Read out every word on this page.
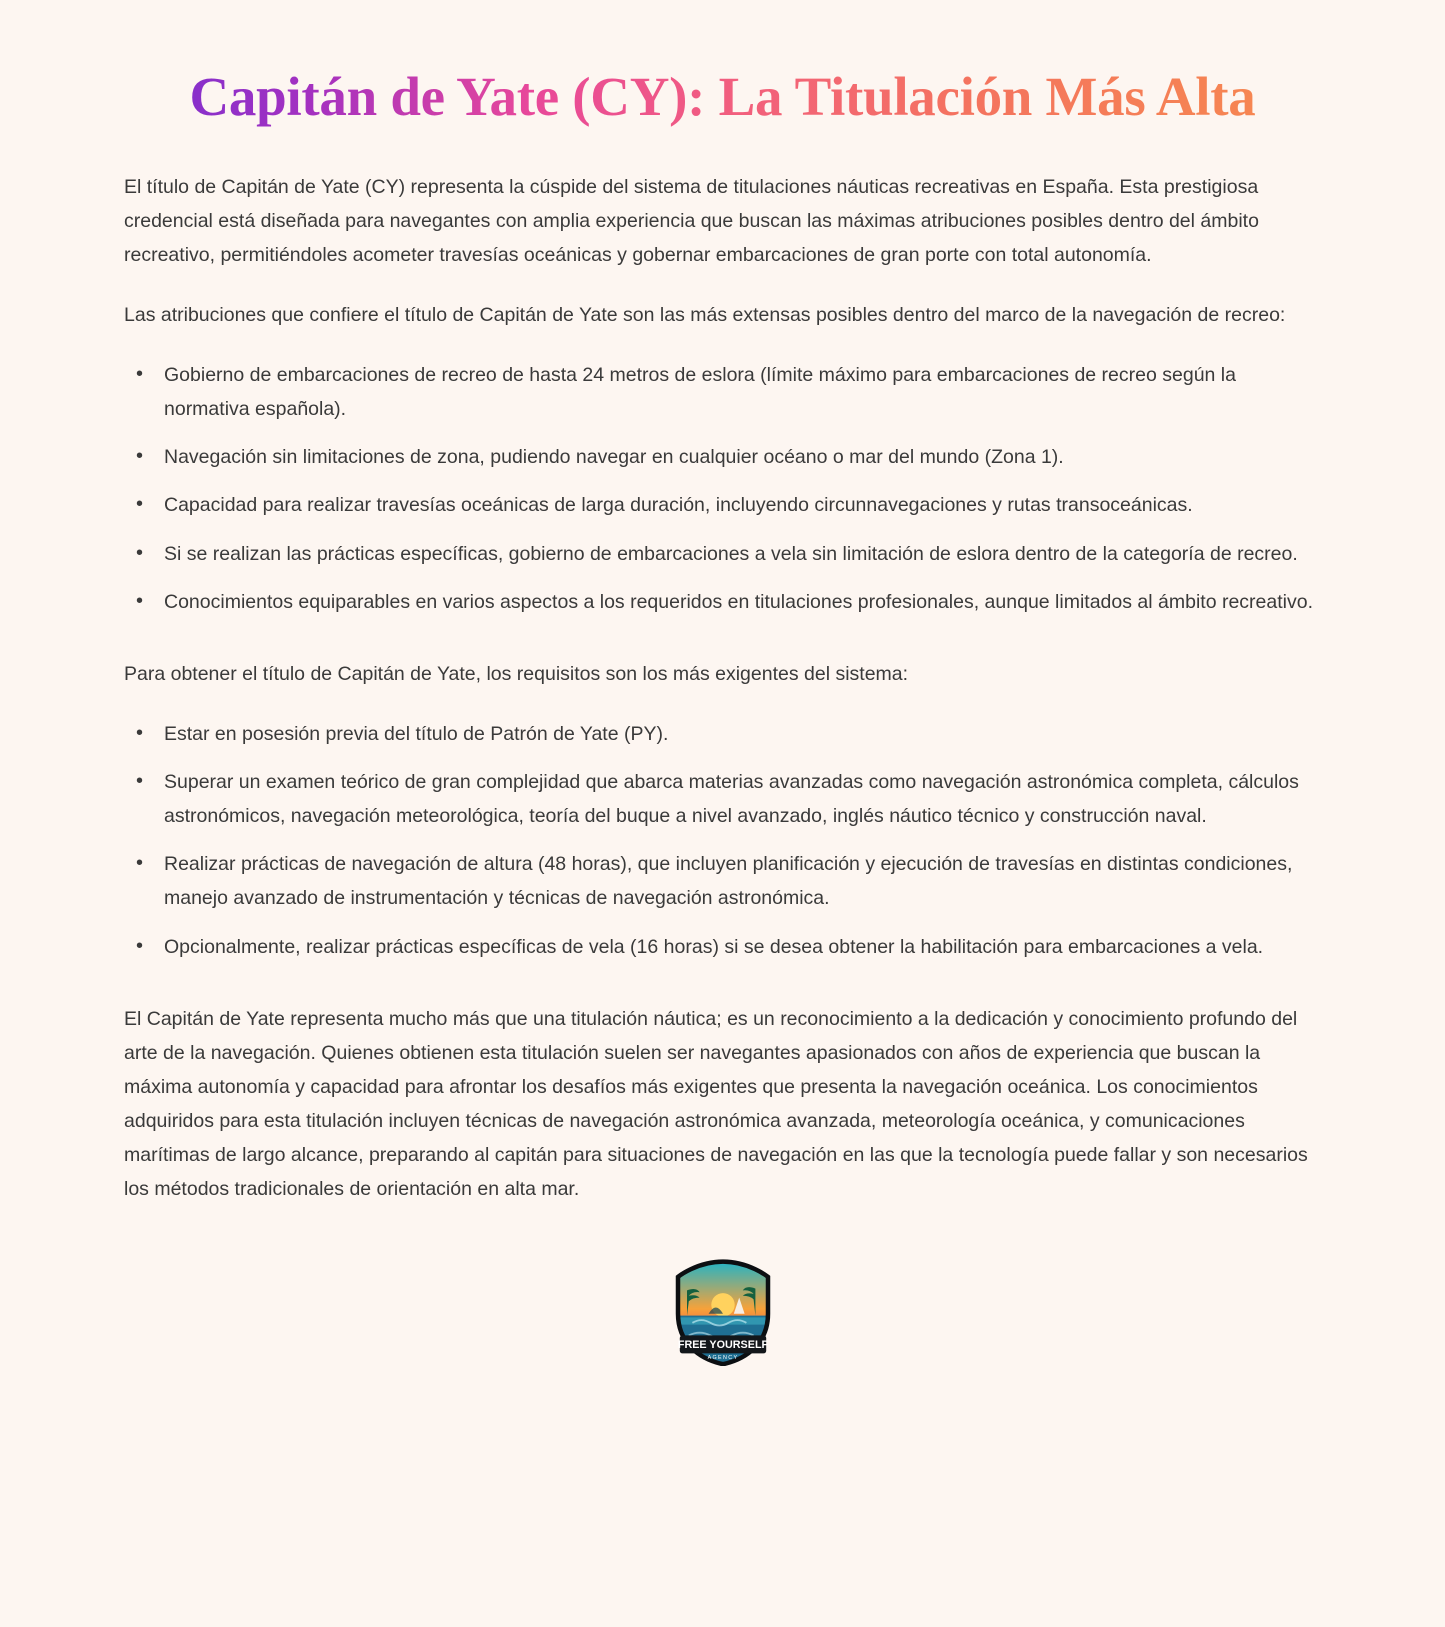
Capitán de Yate (CY): La Titulación Más Alta

El título de Capitán de Yate (CY) representa la cúspide del sistema de titulaciones náuticas recreativas en España. Esta prestigiosa credencial está diseñada para navegantes con amplia experiencia que buscan las máximas atribuciones posibles dentro del ámbito recreativo, permitiéndoles acometer travesías oceánicas y gobernar embarcaciones de gran porte con total autonomía.

Las atribuciones que confiere el título de Capitán de Yate son las más extensas posibles dentro del marco de la navegación de recreo:

• Gobierno de embarcaciones de recreo de hasta 24 metros de eslora (límite máximo para embarcaciones de recreo según la normativa española).
• Navegación sin limitaciones de zona, pudiendo navegar en cualquier océano o mar del mundo (Zona 1).
• Capacidad para realizar travesías oceánicas de larga duración, incluyendo circunnavegaciones y rutas transoceánicas.
• Si se realizan las prácticas específicas, gobierno de embarcaciones a vela sin limitación de eslora dentro de la categoría de recreo.
• Conocimientos equiparables en varios aspectos a los requeridos en titulaciones profesionales, aunque limitados al ámbito recreativo.

Para obtener el título de Capitán de Yate, los requisitos son los más exigentes del sistema:

• Estar en posesión previa del título de Patrón de Yate (PY).
• Superar un examen teórico de gran complejidad que abarca materias avanzadas como navegación astronómica completa, cálculos astronómicos, navegación meteorológica, teoría del buque a nivel avanzado, inglés náutico técnico y construcción naval.
• Realizar prácticas de navegación de altura (48 horas), que incluyen planificación y ejecución de travesías en distintas condiciones, manejo avanzado de instrumentación y técnicas de navegación astronómica.
• Opcionalmente, realizar prácticas específicas de vela (16 horas) si se desea obtener la habilitación para embarcaciones a vela.

El Capitán de Yate representa mucho más que una titulación náutica; es un reconocimiento a la dedicación y conocimiento profundo del arte de la navegación. Quienes obtienen esta titulación suelen ser navegantes apasionados con años de experiencia que buscan la máxima autonomía y capacidad para afrontar los desafíos más exigentes que presenta la navegación oceánica. Los conocimientos adquiridos para esta titulación incluyen técnicas de navegación astronómica avanzada, meteorología oceánica, y comunicaciones marítimas de largo alcance, preparando al capitán para situaciones de navegación en las que la tecnología puede fallar y son necesarios los métodos tradicionales de orientación en alta mar.

FREE YOURSELF
AGENCY
